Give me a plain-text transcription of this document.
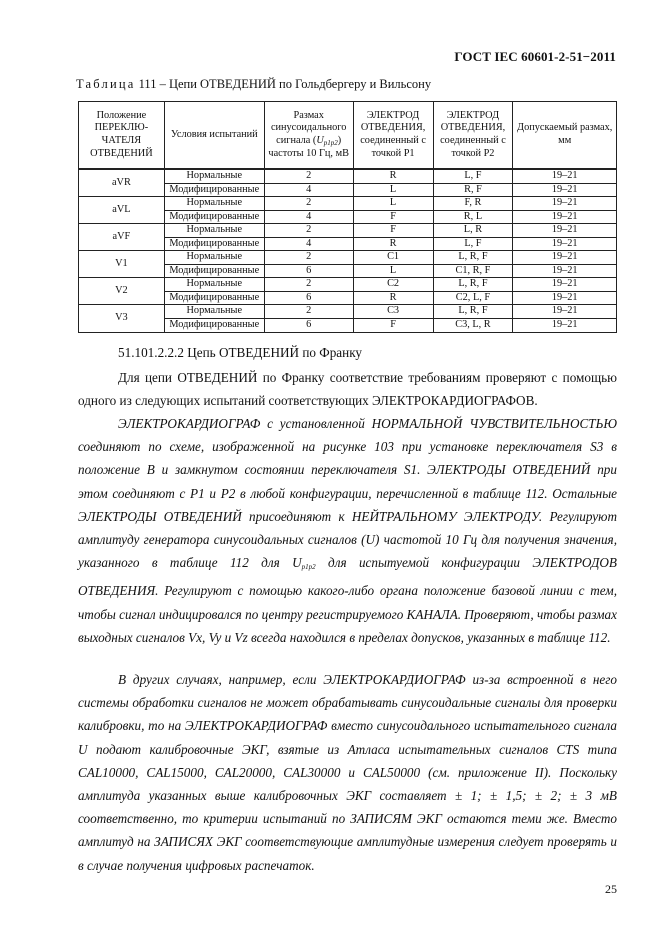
ГОСТ IEC 60601-2-51−2011
Таблица 111 – Цепи ОТВЕДЕНИЙ по Гольдбергеру и Вильсону
Положение ПЕРЕКЛЮ-ЧАТЕЛЯ ОТВЕДЕНИЙ	Условия испытаний	Размах синусоидального сигнала $(U_{p1p2})$ частоты 10 Гц, мВ	ЭЛЕКТРОД ОТВЕДЕНИЯ, соединенный с точкой P1	ЭЛЕКТРОД ОТВЕДЕНИЯ, соединенный с точкой P2	Допускаемый размах, мм
aVR	Нормальные	2	R	L, F	19–21
	Модифицированные	4	L	R, F	19–21
aVL	Нормальные	2	L	F, R	19–21
	Модифицированные	4	F	R, L	19–21
aVF	Нормальные	2	F	L, R	19–21
	Модифицированные	4	R	L, F	19–21
V1	Нормальные	2	C1	L, R, F	19–21
	Модифицированные	6	L	C1, R, F	19–21
V2	Нормальные	2	C2	L, R, F	19–21
	Модифицированные	6	R	C2, L, F	19–21
V3	Нормальные	2	C3	L, R, F	19–21
	Модифицированные	6	F	C3, L, R	19–21
51.101.2.2.2 Цепь ОТВЕДЕНИЙ по Франку
Для цепи ОТВЕДЕНИЙ по Франку соответствие требованиям проверяют с помощью одного из следующих испытаний соответствующих ЭЛЕКТРОКАРДИОГРАФОВ.
ЭЛЕКТРОКАРДИОГРАФ с установленной НОРМАЛЬНОЙ ЧУВСТВИТЕЛЬНОСТЬЮ соединяют по схеме, изображенной на рисунке 103 при установке переключателя S3 в положение B и замкнутом состоянии переключателя S1. ЭЛЕКТРОДЫ ОТВЕДЕНИЙ при этом соединяют с P1 и P2 в любой конфигурации, перечисленной в таблице 112. Остальные ЭЛЕКТРОДЫ ОТВЕДЕНИЙ присоединяют к НЕЙТРАЛЬНОМУ ЭЛЕКТРОДУ. Регулируют амплитуду генератора синусоидальных сигналов (U) частотой 10 Гц для получения значения, указанного в таблице 112 для $U_{p1p2}$ для испытуемой конфигурации ЭЛЕКТРОДОВ ОТВЕДЕНИЯ. Регулируют с помощью какого-либо органа положение базовой линии с тем, чтобы сигнал индицировался по центру регистрируемого КАНАЛА. Проверяют, чтобы размах выходных сигналов Vx, Vy и Vz всегда находился в пределах допусков, указанных в таблице 112.
В других случаях, например, если ЭЛЕКТРОКАРДИОГРАФ из-за встроенной в него системы обработки сигналов не может обрабатывать синусоидальные сигналы для проверки калибровки, то на ЭЛЕКТРОКАРДИОГРАФ вместо синусоидального испытательного сигнала U подают калибровочные ЭКГ, взятые из Атласа испытательных сигналов CTS типа CAL10000, CAL15000, CAL20000, CAL30000 и CAL50000 (см. приложение II). Поскольку амплитуда указанных выше калибровочных ЭКГ составляет ± 1; ± 1,5; ± 2; ± 3 мВ соответственно, то критерии испытаний по ЗАПИСЯМ ЭКГ остаются теми же. Вместо амплитуд на ЗАПИСЯХ ЭКГ соответствующие амплитудные измерения следует проверять и в случае получения цифровых распечаток.
25
